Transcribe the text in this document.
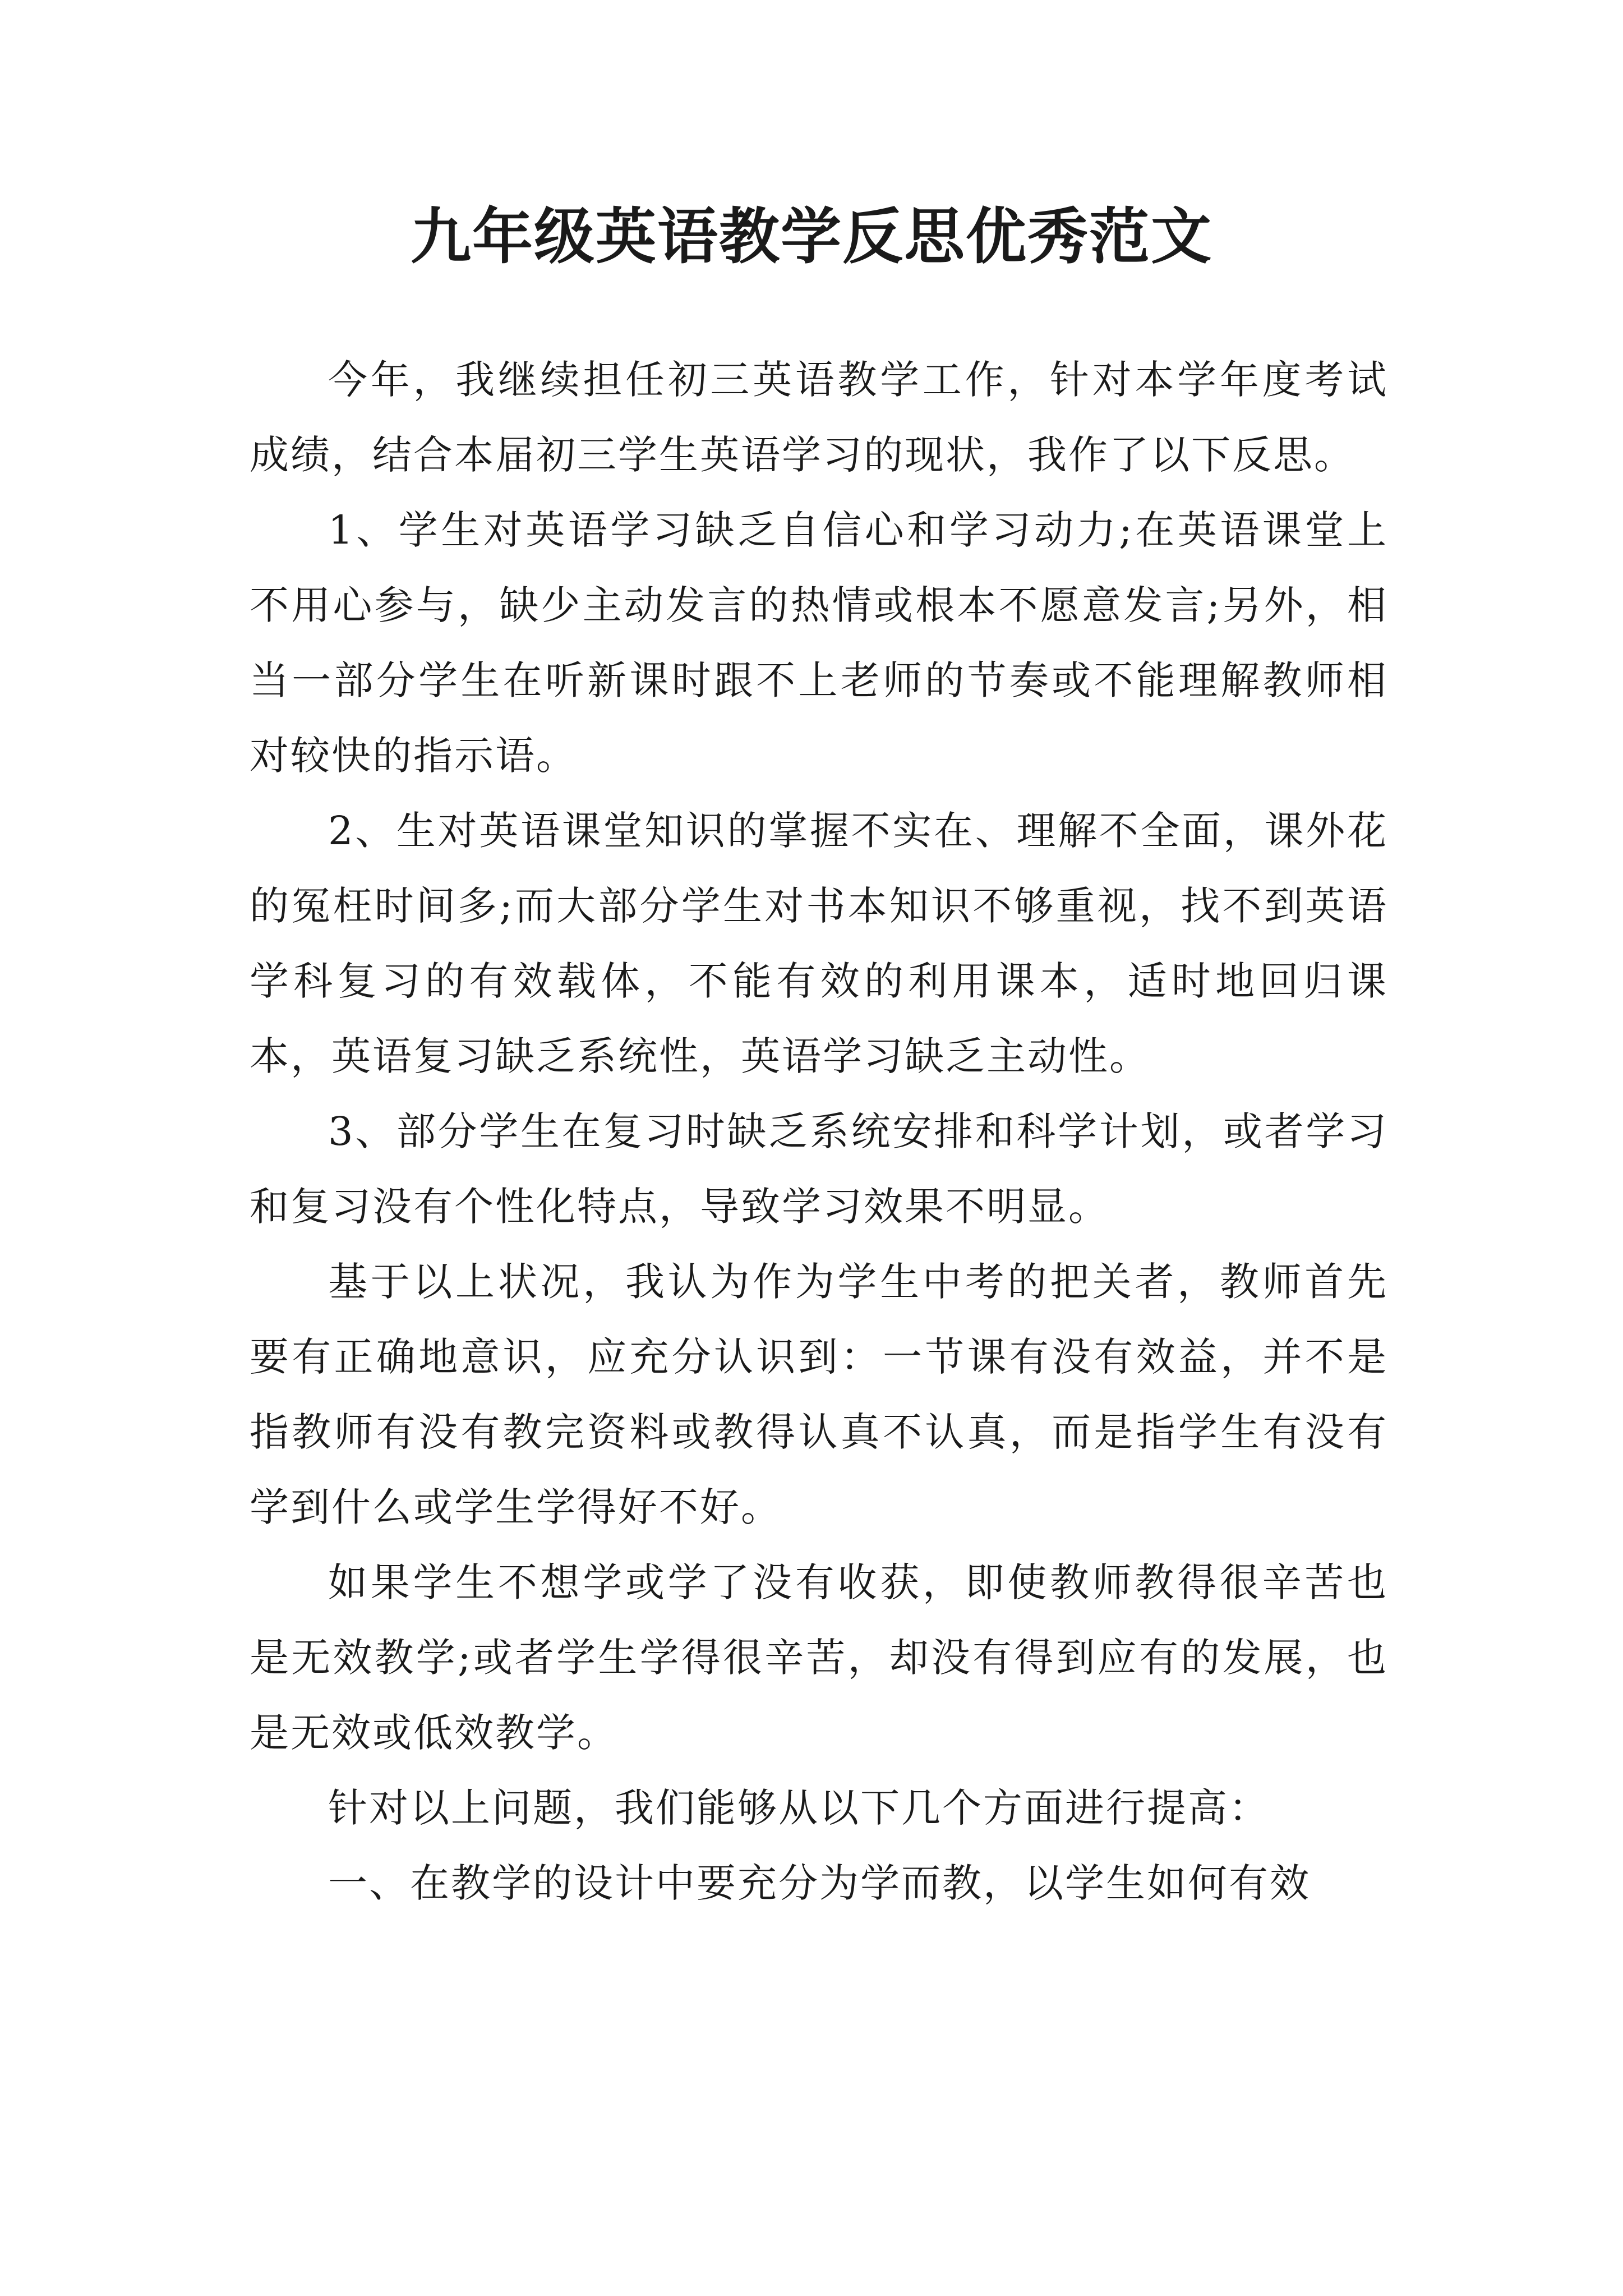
九年级英语教学反思优秀范文

今年，我继续担任初三英语教学工作，针对本学年度考试成绩，结合本届初三学生英语学习的现状，我作了以下反思。

1、学生对英语学习缺乏自信心和学习动力;在英语课堂上不用心参与，缺少主动发言的热情或根本不愿意发言;另外，相当一部分学生在听新课时跟不上老师的节奏或不能理解教师相对较快的指示语。

2、生对英语课堂知识的掌握不实在、理解不全面，课外花的冤枉时间多;而大部分学生对书本知识不够重视，找不到英语学科复习的有效载体，不能有效的利用课本，适时地回归课本，英语复习缺乏系统性，英语学习缺乏主动性。

3、部分学生在复习时缺乏系统安排和科学计划，或者学习和复习没有个性化特点，导致学习效果不明显。

基于以上状况，我认为作为学生中考的把关者，教师首先要有正确地意识，应充分认识到：一节课有没有效益，并不是指教师有没有教完资料或教得认真不认真，而是指学生有没有学到什么或学生学得好不好。

如果学生不想学或学了没有收获，即使教师教得很辛苦也是无效教学;或者学生学得很辛苦，却没有得到应有的发展，也是无效或低效教学。

针对以上问题，我们能够从以下几个方面进行提高：

一、在教学的设计中要充分为学而教，以学生如何有效
